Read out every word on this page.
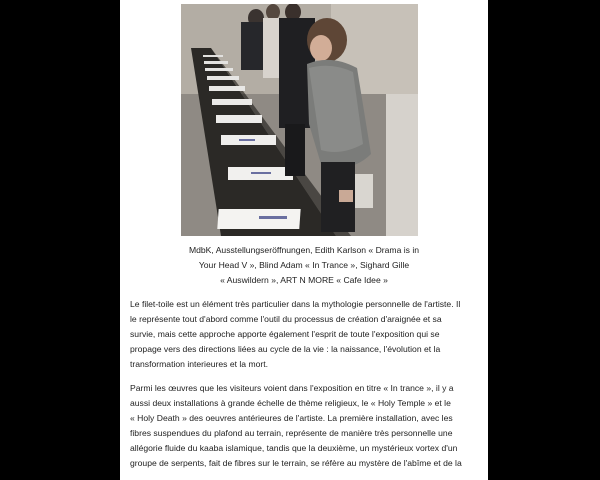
MdbK, Ausstellungseröffnungen, Edith Karlson « Drama is in
Your Head V », Blind Adam « In Trance », Sighard Gille
« Auswildern », ART N MORE « Cafe Idee »
Le filet-toile est un élément très particulier dans la mythologie personnelle de l'artiste. Il
le représente tout d'abord comme l'outil du processus de création d'araignée et sa
survie, mais cette approche apporte également l'esprit de toute l'exposition qui se
propage vers des directions liées au cycle de la vie : la naissance, l'évolution et la
transformation interieures et la mort.
Parmi les œuvres que les visiteurs voient dans l'exposition en titre « In trance », il y a
aussi deux installations à grande échelle de thème religieux, le « Holy Temple » et le
« Holy Death » des oeuvres antérieures de l'artiste. La première installation, avec les
fibres suspendues du plafond au terrain, représente de manière très personnelle une
allégorie fluide du kaaba islamique, tandis que la deuxième, un mystérieux vortex d'un
groupe de serpents, fait de fibres sur le terrain, se réfère au mystère de l'abîme et de la
